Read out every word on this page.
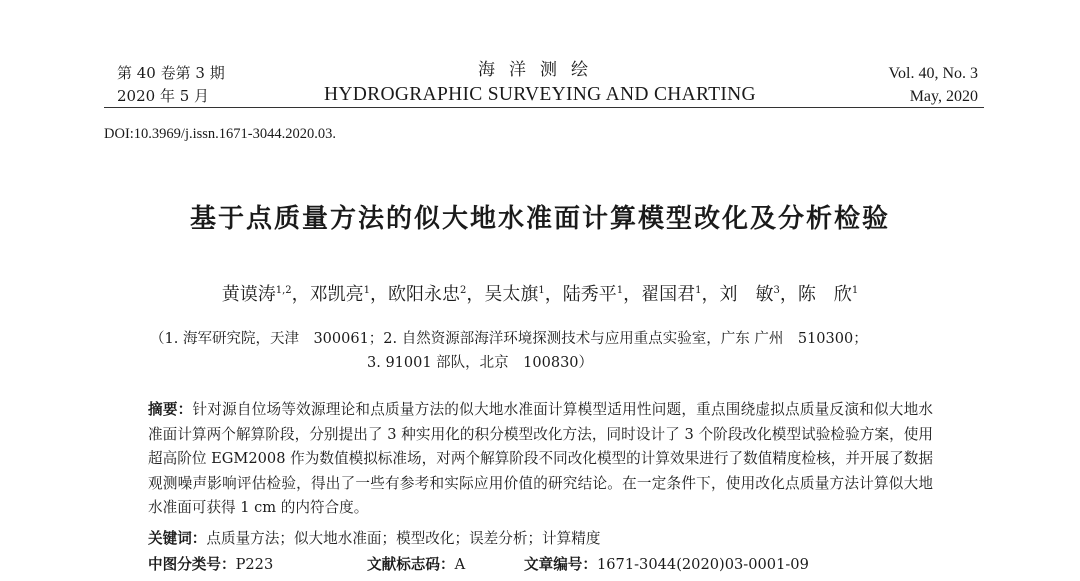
第 40 卷第 3 期
2020 年 5 月
海洋测绘
HYDROGRAPHIC SURVEYING AND CHARTING
Vol. 40, No. 3
May, 2020
DOI:10.3969/j.issn.1671-3044.2020.03.
基于点质量方法的似大地水准面计算模型改化及分析检验
黄谟涛$^{1,2}$，邓凯亮$^1$，欧阳永忠$^2$，吴太旗$^1$，陆秀平$^1$，翟国君$^1$，刘　敏$^3$，陈　欣$^1$
（1. 海军研究院，天津　300061；2. 自然资源部海洋环境探测技术与应用重点实验室，广东 广州　510300；
3. 91001 部队，北京　100830）
摘要：针对源自位场等效源理论和点质量方法的似大地水准面计算模型适用性问题，重点围绕虚拟点质量反演和似大地水准面计算两个解算阶段，分别提出了 3 种实用化的积分模型改化方法，同时设计了 3 个阶段改化模型试验检验方案，使用超高阶位 EGM2008 作为数值模拟标准场，对两个解算阶段不同改化模型的计算效果进行了数值精度检核，并开展了数据观测噪声影响评估检验，得出了一些有参考和实际应用价值的研究结论。在一定条件下，使用改化点质量方法计算似大地水准面可获得 1 cm 的内符合度。
关键词：点质量方法；似大地水准面；模型改化；误差分析；计算精度
中图分类号：P223	文献标志码：A	文章编号：1671-3044(2020)03-0001-09
